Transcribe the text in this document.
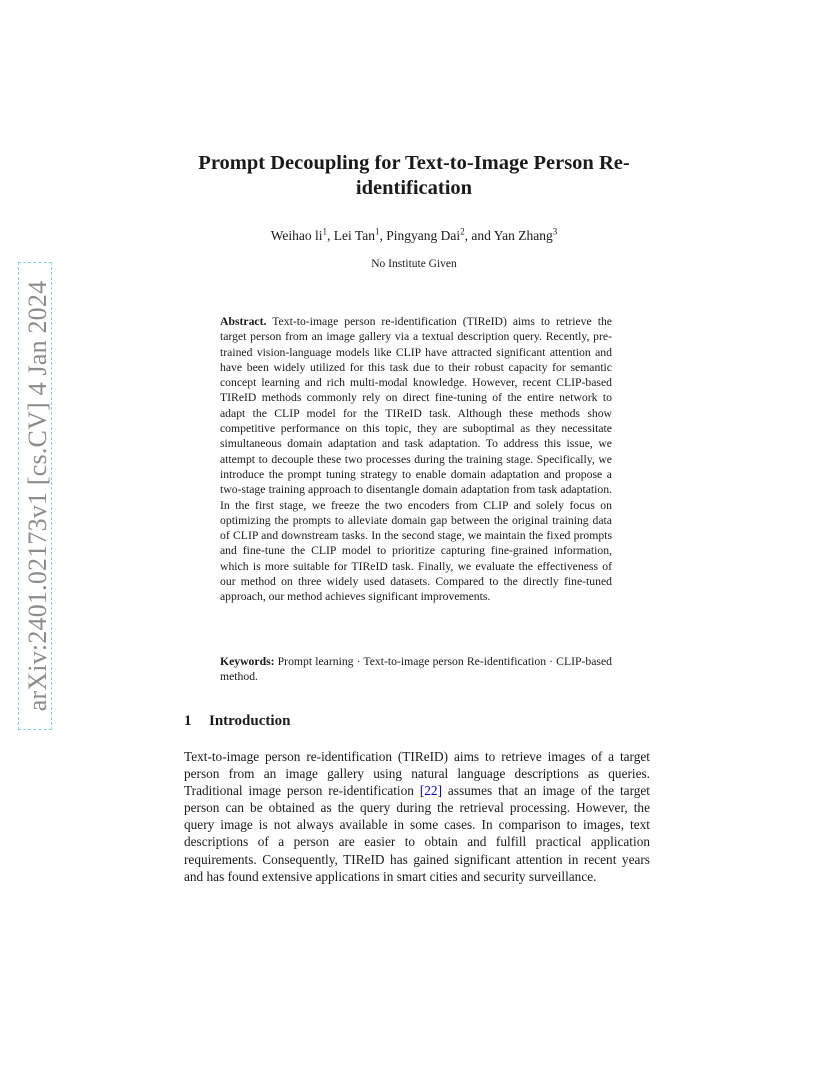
arXiv:2401.02173v1 [cs.CV] 4 Jan 2024
Prompt Decoupling for Text-to-Image Person Re-identification
Weihao $li^1$, Lei Tan$^1$, Pingyang Dai$^2$, and Yan Zhang$^3$
No Institute Given
Abstract. Text-to-image person re-identification (TIReID) aims to retrieve the target person from an image gallery via a textual description query. Recently, pre-trained vision-language models like CLIP have attracted significant attention and have been widely utilized for this task due to their robust capacity for semantic concept learning and rich multi-modal knowledge. However, recent CLIP-based TIReID methods commonly rely on direct fine-tuning of the entire network to adapt the CLIP model for the TIReID task. Although these methods show competitive performance on this topic, they are suboptimal as they necessitate simultaneous domain adaptation and task adaptation. To address this issue, we attempt to decouple these two processes during the training stage. Specifically, we introduce the prompt tuning strategy to enable domain adaptation and propose a two-stage training approach to disentangle domain adaptation from task adaptation. In the first stage, we freeze the two encoders from CLIP and solely focus on optimizing the prompts to alleviate domain gap between the original training data of CLIP and downstream tasks. In the second stage, we maintain the fixed prompts and fine-tune the CLIP model to prioritize capturing fine-grained information, which is more suitable for TIReID task. Finally, we evaluate the effectiveness of our method on three widely used datasets. Compared to the directly fine-tuned approach, our method achieves significant improvements.
Keywords: Prompt learning · Text-to-image person Re-identification · CLIP-based method.
1 Introduction
Text-to-image person re-identification (TIReID) aims to retrieve images of a target person from an image gallery using natural language descriptions as queries. Traditional image person re-identification [22] assumes that an image of the target person can be obtained as the query during the retrieval processing. However, the query image is not always available in some cases. In comparison to images, text descriptions of a person are easier to obtain and fulfill practical application requirements. Consequently, TIReID has gained significant attention in recent years and has found extensive applications in smart cities and security surveillance.
